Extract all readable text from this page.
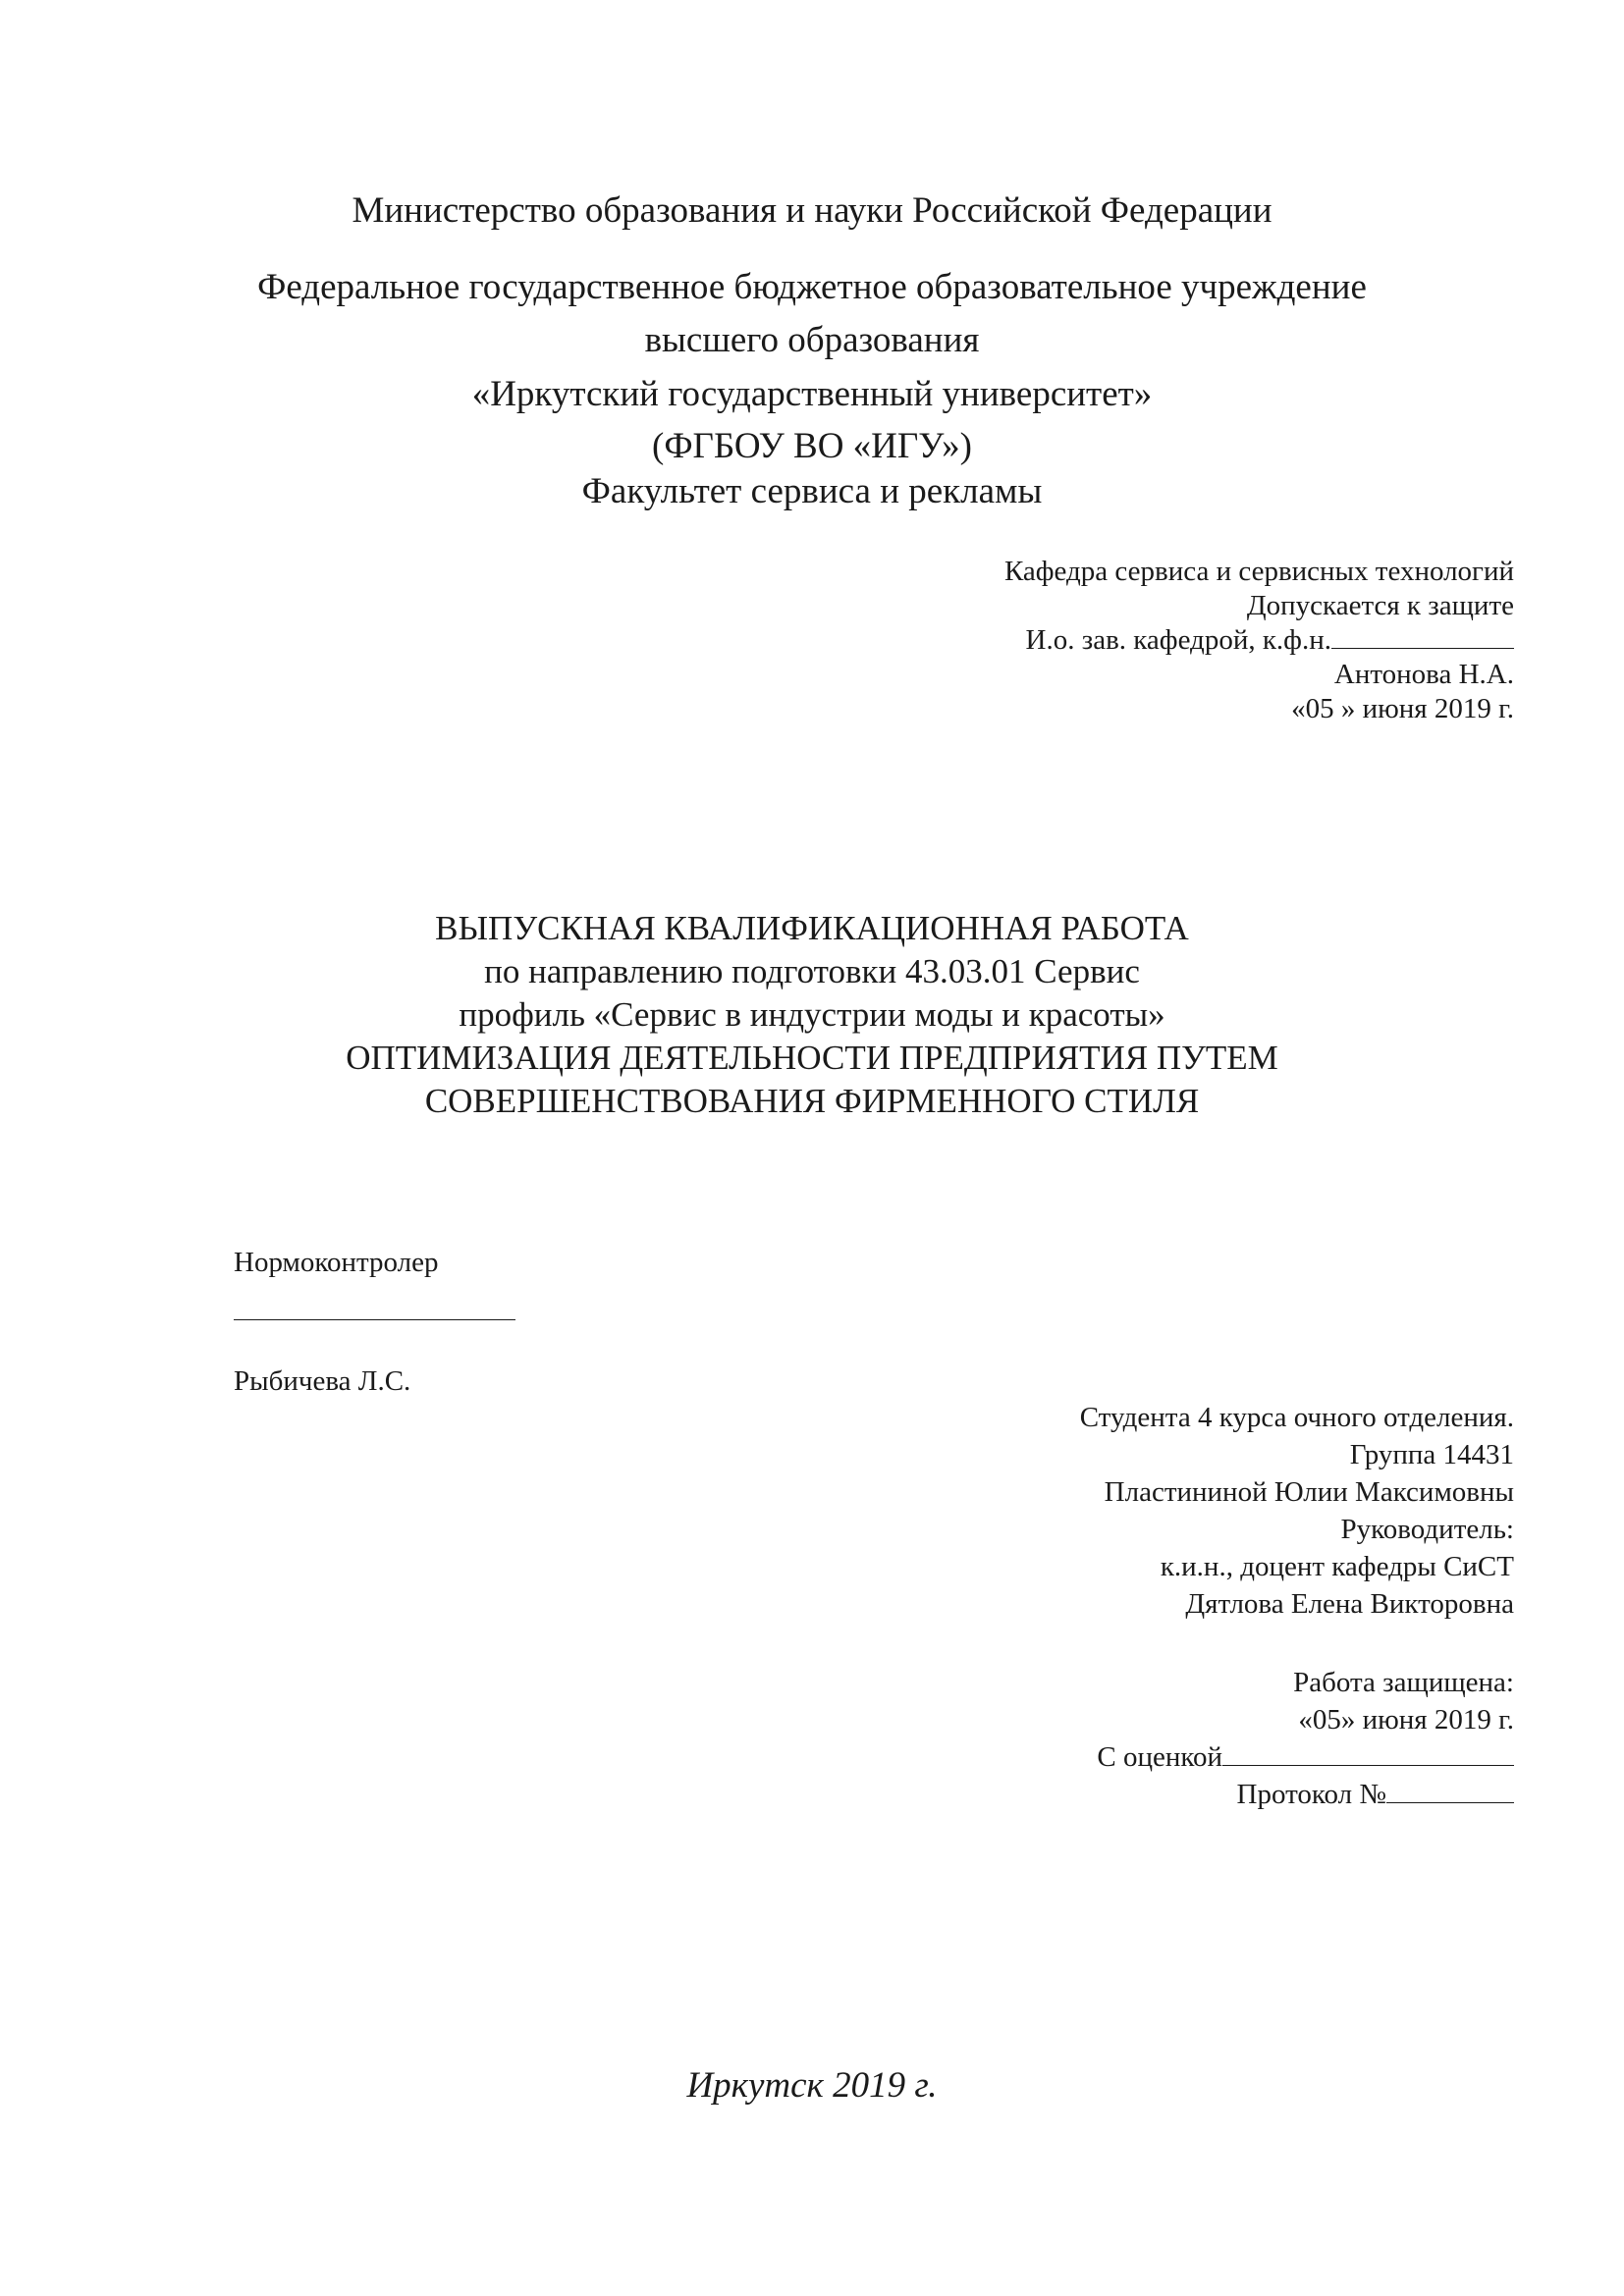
Министерство образования и науки Российской Федерации
Федеральное государственное бюджетное образовательное учреждение
высшего образования
«Иркутский государственный университет»
(ФГБОУ ВО «ИГУ»)
Факультет сервиса и рекламы
Кафедра сервиса и сервисных технологий
Допускается к защите
И.о. зав. кафедрой, к.ф.н.
Антонова Н.А.
«05 » июня 2019 г.
ВЫПУСКНАЯ КВАЛИФИКАЦИОННАЯ РАБОТА
по направлению подготовки 43.03.01 Сервис
профиль «Сервис в индустрии моды и красоты»
ОПТИМИЗАЦИЯ ДЕЯТЕЛЬНОСТИ ПРЕДПРИЯТИЯ ПУТЕМ
СОВЕРШЕНСТВОВАНИЯ ФИРМЕННОГО СТИЛЯ
Нормоконтролер
Рыбичева Л.С.
Студента 4 курса очного отделения.
Группа 14431
Пластининой Юлии Максимовны
Руководитель:
к.и.н., доцент кафедры СиСТ
Дятлова Елена Викторовна
Работа защищена:
«05» июня 2019 г.
С оценкой
Протокол №
Иркутск 2019 г.
